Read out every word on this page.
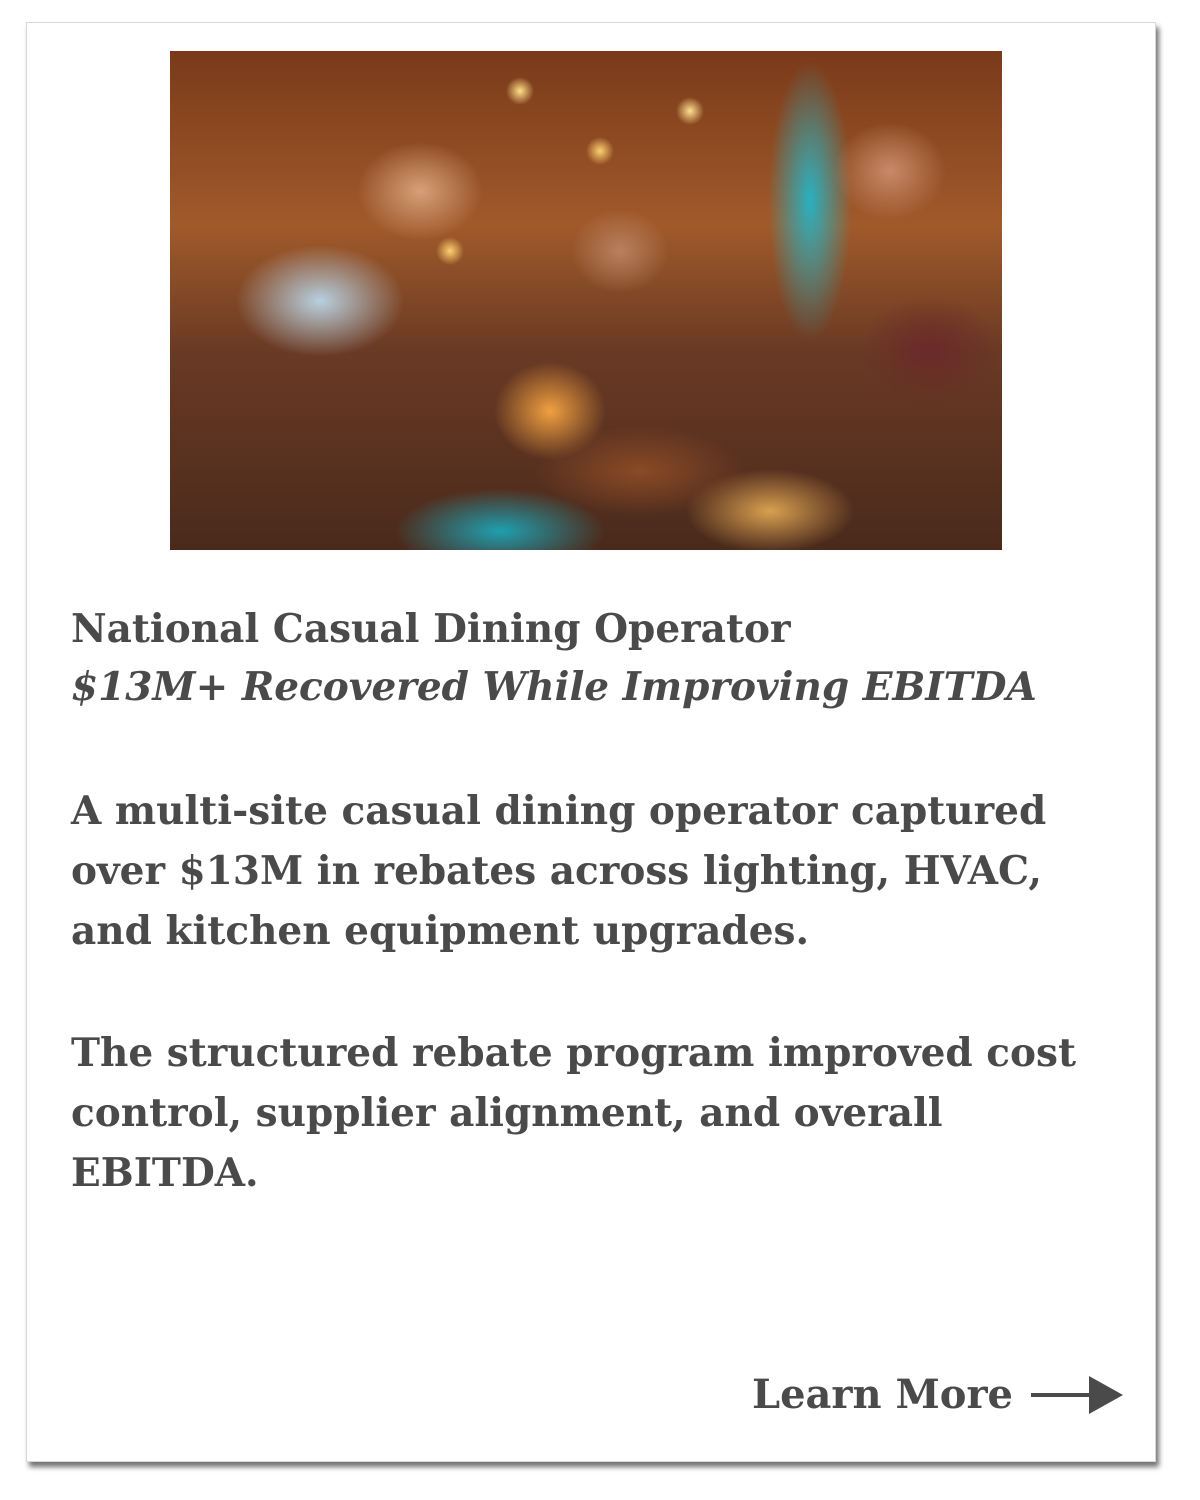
National Casual Dining Operator
$13M+ Recovered While Improving EBITDA
A multi-site casual dining operator captured over $13M in rebates across lighting, HVAC, and kitchen equipment upgrades.
The structured rebate program improved cost control, supplier alignment, and overall EBITDA.
Learn More
